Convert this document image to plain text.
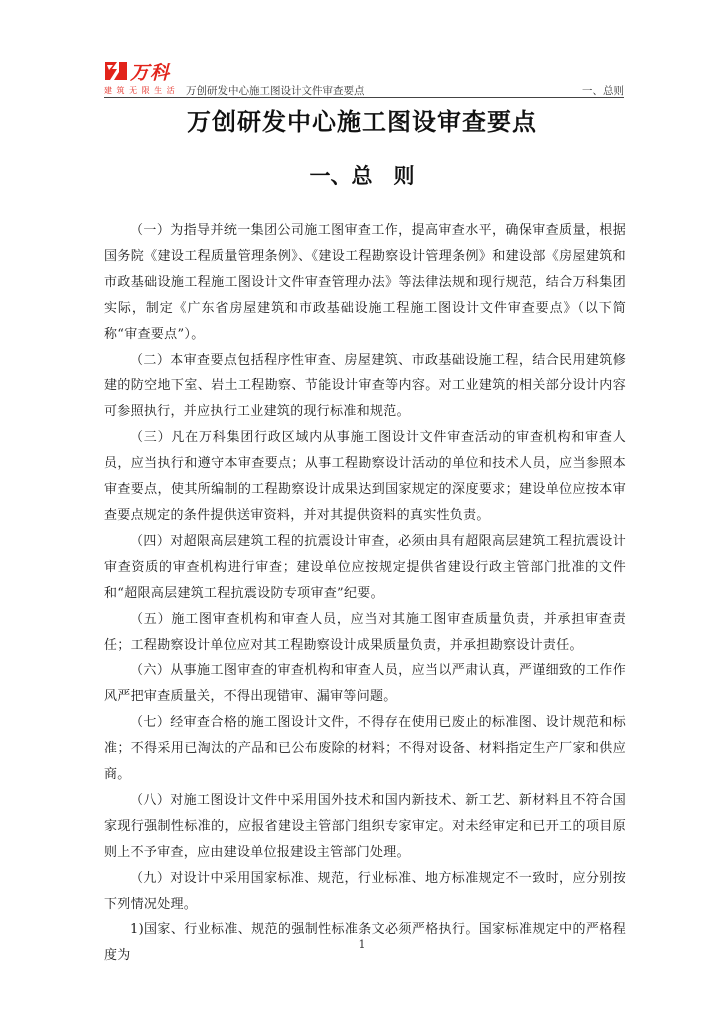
万科
建 筑 无 限 生 活 万创研发中心施工图设计文件审查要点	一、总则
万创研发中心施工图设审查要点
一、总　则

（一）为指导并统一集团公司施工图审查工作，提高审查水平，确保审查质量，根据国务院《建设工程质量管理条例》、《建设工程勘察设计管理条例》和建设部《房屋建筑和市政基础设施工程施工图设计文件审查管理办法》等法律法规和现行规范，结合万科集团实际，制定《广东省房屋建筑和市政基础设施工程施工图设计文件审查要点》（以下简称“审查要点”）。

（二）本审查要点包括程序性审查、房屋建筑、市政基础设施工程，结合民用建筑修建的防空地下室、岩土工程勘察、节能设计审查等内容。对工业建筑的相关部分设计内容可参照执行，并应执行工业建筑的现行标准和规范。

（三）凡在万科集团行政区域内从事施工图设计文件审查活动的审查机构和审查人员，应当执行和遵守本审查要点；从事工程勘察设计活动的单位和技术人员，应当参照本审查要点，使其所编制的工程勘察设计成果达到国家规定的深度要求；建设单位应按本审查要点规定的条件提供送审资料，并对其提供资料的真实性负责。

（四）对超限高层建筑工程的抗震设计审查，必须由具有超限高层建筑工程抗震设计审查资质的审查机构进行审查；建设单位应按规定提供省建设行政主管部门批准的文件和“超限高层建筑工程抗震设防专项审查”纪要。

（五）施工图审查机构和审查人员，应当对其施工图审查质量负责，并承担审查责任；工程勘察设计单位应对其工程勘察设计成果质量负责，并承担勘察设计责任。

（六）从事施工图审查的审查机构和审查人员，应当以严肃认真，严谨细致的工作作风严把审查质量关，不得出现错审、漏审等问题。

（七）经审查合格的施工图设计文件，不得存在使用已废止的标准图、设计规范和标准；不得采用已淘汰的产品和已公布废除的材料；不得对设备、材料指定生产厂家和供应商。

（八）对施工图设计文件中采用国外技术和国内新技术、新工艺、新材料且不符合国家现行强制性标准的，应报省建设主管部门组织专家审定。对未经审定和已开工的项目原则上不予审查，应由建设单位报建设主管部门处理。

（九）对设计中采用国家标准、规范，行业标准、地方标准规定不一致时，应分别按下列情况处理。

1)国家、行业标准、规范的强制性标准条文必须严格执行。国家标准规定中的严格程度为

1
